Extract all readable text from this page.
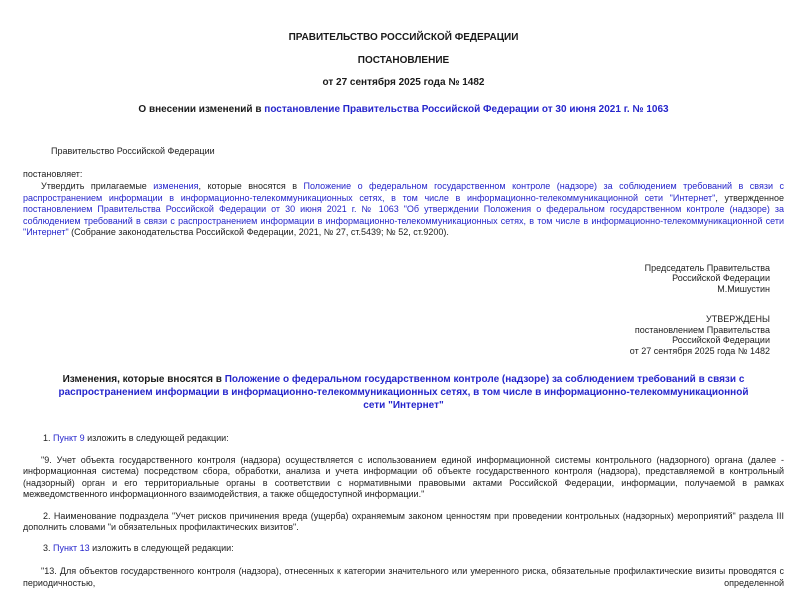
ПРАВИТЕЛЬСТВО РОССИЙСКОЙ ФЕДЕРАЦИИ
ПОСТАНОВЛЕНИЕ
от 27 сентября 2025 года № 1482
О внесении изменений в постановление Правительства Российской Федерации от 30 июня 2021 г. № 1063

Правительство Российской Федерации

постановляет:

Утвердить прилагаемые изменения, которые вносятся в Положение о федеральном государственном контроле (надзоре) за соблюдением требований в связи с распространением информации в информационно-телекоммуникационных сетях, в том числе в информационно-телекоммуникационной сети "Интернет", утвержденное постановлением Правительства Российской Федерации от 30 июня 2021 г. № 1063 "Об утверждении Положения о федеральном государственном контроле (надзоре) за соблюдением требований в связи с распространением информации в информационно-телекоммуникационных сетях, в том числе в информационно-телекоммуникационной сети "Интернет" (Собрание законодательства Российской Федерации, 2021, № 27, ст.5439; № 52, ст.9200).

Председатель Правительства
Российской Федерации
М.Мишустин
УТВЕРЖДЕНЫ
постановлением Правительства
Российской Федерации
от 27 сентября 2025 года № 1482
Изменения, которые вносятся в Положение о федеральном государственном контроле (надзоре) за соблюдением требований в связи с распространением информации в информационно-телекоммуникационных сетях, в том числе в информационно-телекоммуникационной сети "Интернет"

1. Пункт 9 изложить в следующей редакции:

"9. Учет объекта государственного контроля (надзора) осуществляется с использованием единой информационной системы контрольного (надзорного) органа (далее - информационная система) посредством сбора, обработки, анализа и учета информации об объекте государственного контроля (надзора), представляемой в контрольный (надзорный) орган и его территориальные органы в соответствии с нормативными правовыми актами Российской Федерации, информации, получаемой в рамках межведомственного информационного взаимодействия, а также общедоступной информации."

2. Наименование подраздела "Учет рисков причинения вреда (ущерба) охраняемым законом ценностям при проведении контрольных (надзорных) мероприятий" раздела III дополнить словами "и обязательных профилактических визитов".

3. Пункт 13 изложить в следующей редакции:

"13. Для объектов государственного контроля (надзора), отнесенных к категории значительного или умеренного риска, обязательные профилактические визиты проводятся с периодичностью, определенной
